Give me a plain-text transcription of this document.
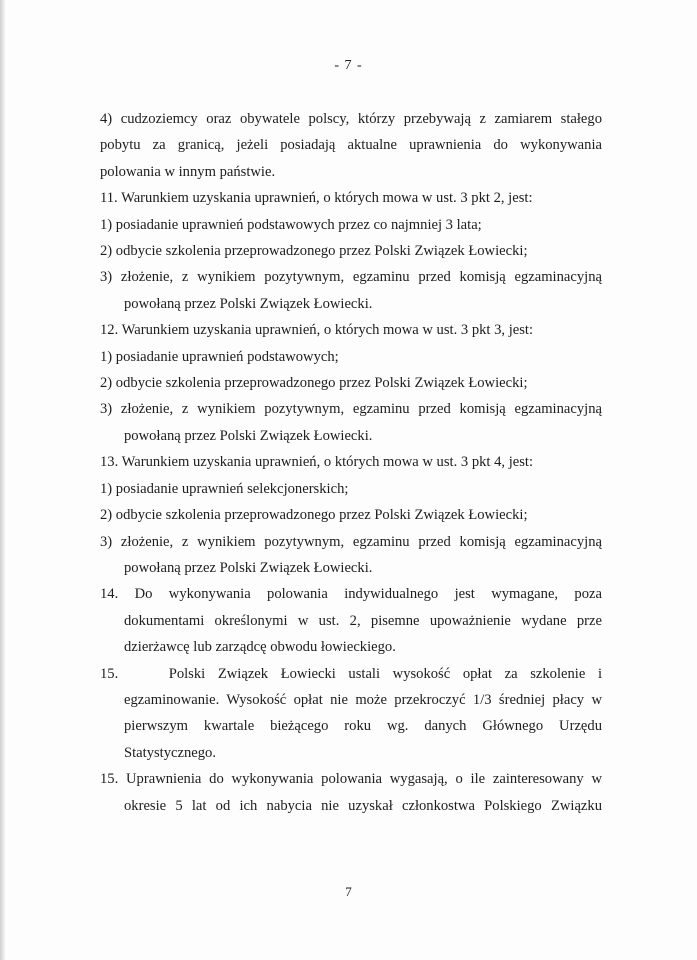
- 7 -
4) cudzoziemcy oraz obywatele polscy, którzy przebywają z zamiarem stałego
pobytu za granicą, jeżeli posiadają aktualne uprawnienia do wykonywania
polowania w innym państwie.
11. Warunkiem uzyskania uprawnień, o których mowa w ust. 3 pkt 2, jest:
1) posiadanie uprawnień podstawowych przez co najmniej 3 lata;
2) odbycie szkolenia przeprowadzonego przez Polski Związek Łowiecki;
3) złożenie, z wynikiem pozytywnym, egzaminu przed komisją egzaminacyjną
powołaną przez Polski Związek Łowiecki.
12. Warunkiem uzyskania uprawnień, o których mowa w ust. 3 pkt 3, jest:
1) posiadanie uprawnień podstawowych;
2) odbycie szkolenia przeprowadzonego przez Polski Związek Łowiecki;
3) złożenie, z wynikiem pozytywnym, egzaminu przed komisją egzaminacyjną
powołaną przez Polski Związek Łowiecki.
13. Warunkiem uzyskania uprawnień, o których mowa w ust. 3 pkt 4, jest:
1) posiadanie uprawnień selekcjonerskich;
2) odbycie szkolenia przeprowadzonego przez Polski Związek Łowiecki;
3) złożenie, z wynikiem pozytywnym, egzaminu przed komisją egzaminacyjną
powołaną przez Polski Związek Łowiecki.
14. Do wykonywania polowania indywidualnego jest wymagane, poza
dokumentami określonymi w ust. 2, pisemne upoważnienie wydane prze
dzierżawcę lub zarządcę obwodu łowieckiego.
15.    Polski Związek Łowiecki ustali wysokość opłat za szkolenie i
egzaminowanie. Wysokość opłat nie może przekroczyć 1/3 średniej płacy w
pierwszym kwartale bieżącego roku wg. danych Głównego Urzędu
Statystycznego.
15. Uprawnienia do wykonywania polowania wygasają, o ile zainteresowany w
okresie 5 lat od ich nabycia nie uzyskał członkostwa Polskiego Związku
7
